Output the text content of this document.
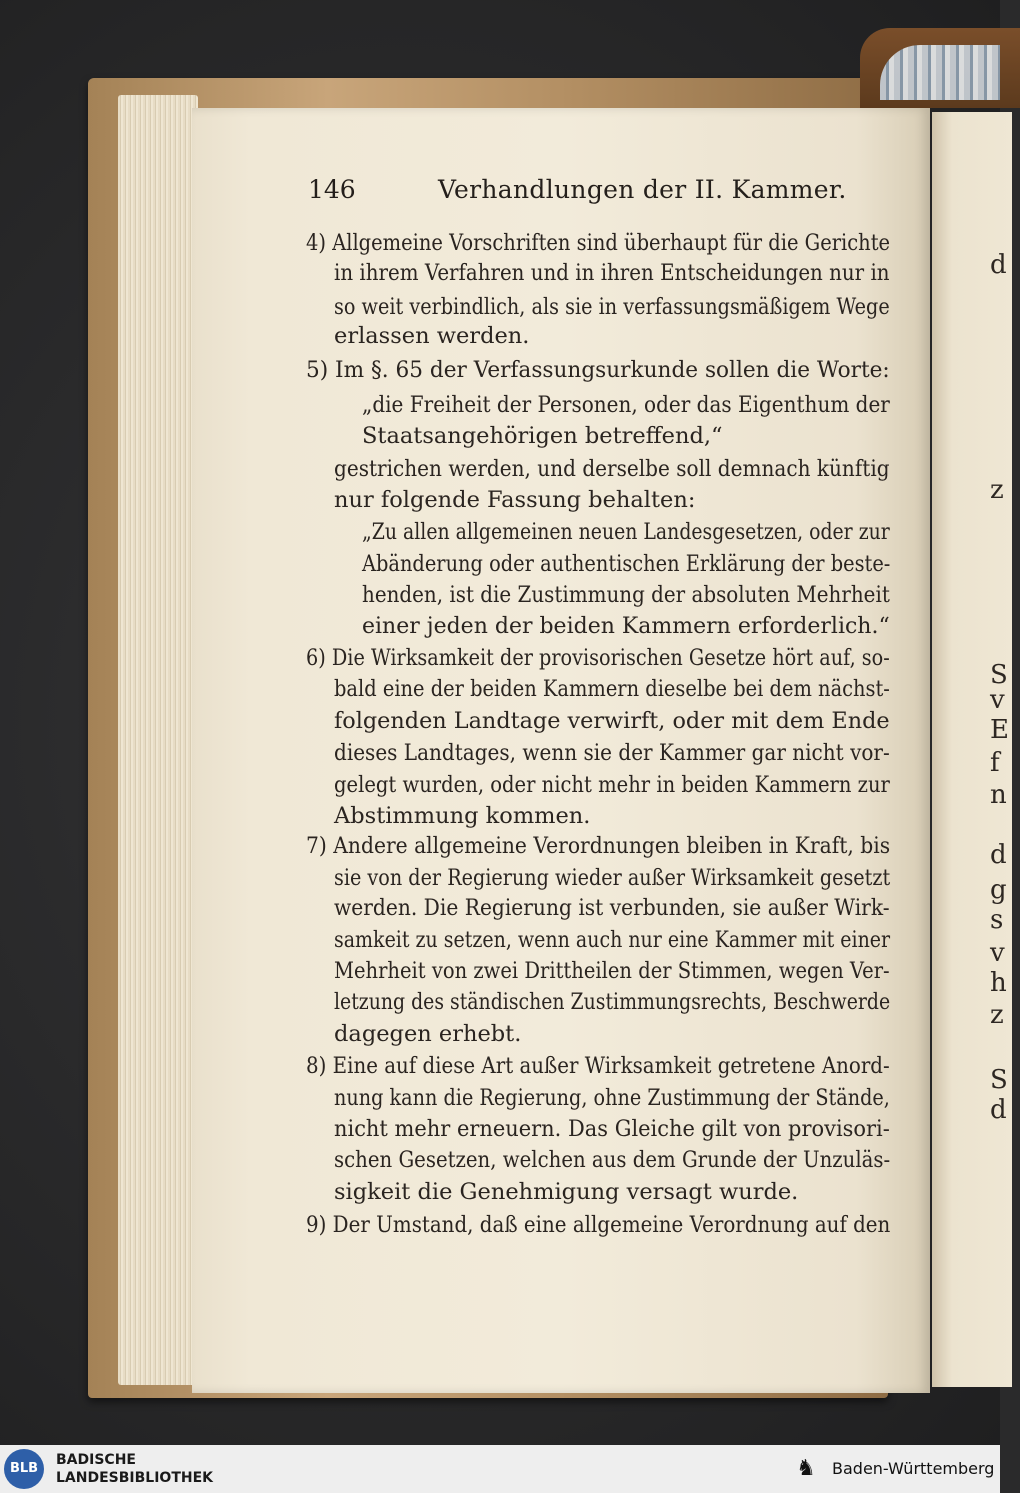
d
z
S
v
E
f
n
d
g
s
v
h
z
S
d
146	Verhandlungen der II. Kammer.
4) Allgemeine Vorschriften sind überhaupt für die Gerichte
in ihrem Verfahren und in ihren Entscheidungen nur in
so weit verbindlich, als sie in verfassungsmäßigem Wege
erlassen werden.
5) Im §. 65 der Verfassungsurkunde sollen die Worte:
„die Freiheit der Personen, oder das Eigenthum der
Staatsangehörigen betreffend,“
gestrichen werden, und derselbe soll demnach künftig
nur folgende Fassung behalten:
„Zu allen allgemeinen neuen Landesgesetzen, oder zur
Abänderung oder authentischen Erklärung der beste-
henden, ist die Zustimmung der absoluten Mehrheit
einer jeden der beiden Kammern erforderlich.“
6) Die Wirksamkeit der provisorischen Gesetze hört auf, so-
bald eine der beiden Kammern dieselbe bei dem nächst-
folgenden Landtage verwirft, oder mit dem Ende
dieses Landtages, wenn sie der Kammer gar nicht vor-
gelegt wurden, oder nicht mehr in beiden Kammern zur
Abstimmung kommen.
7) Andere allgemeine Verordnungen bleiben in Kraft, bis
sie von der Regierung wieder außer Wirksamkeit gesetzt
werden. Die Regierung ist verbunden, sie außer Wirk-
samkeit zu setzen, wenn auch nur eine Kammer mit einer
Mehrheit von zwei Drittheilen der Stimmen, wegen Ver-
letzung des ständischen Zustimmungsrechts, Beschwerde
dagegen erhebt.
8) Eine auf diese Art außer Wirksamkeit getretene Anord-
nung kann die Regierung, ohne Zustimmung der Stände,
nicht mehr erneuern. Das Gleiche gilt von provisori-
schen Gesetzen, welchen aus dem Grunde der Unzuläs-
sigkeit die Genehmigung versagt wurde.
9) Der Umstand, daß eine allgemeine Verordnung auf den
BLB
BADISCHE
LANDESBIBLIOTHEK	♞	Baden-Württemberg
